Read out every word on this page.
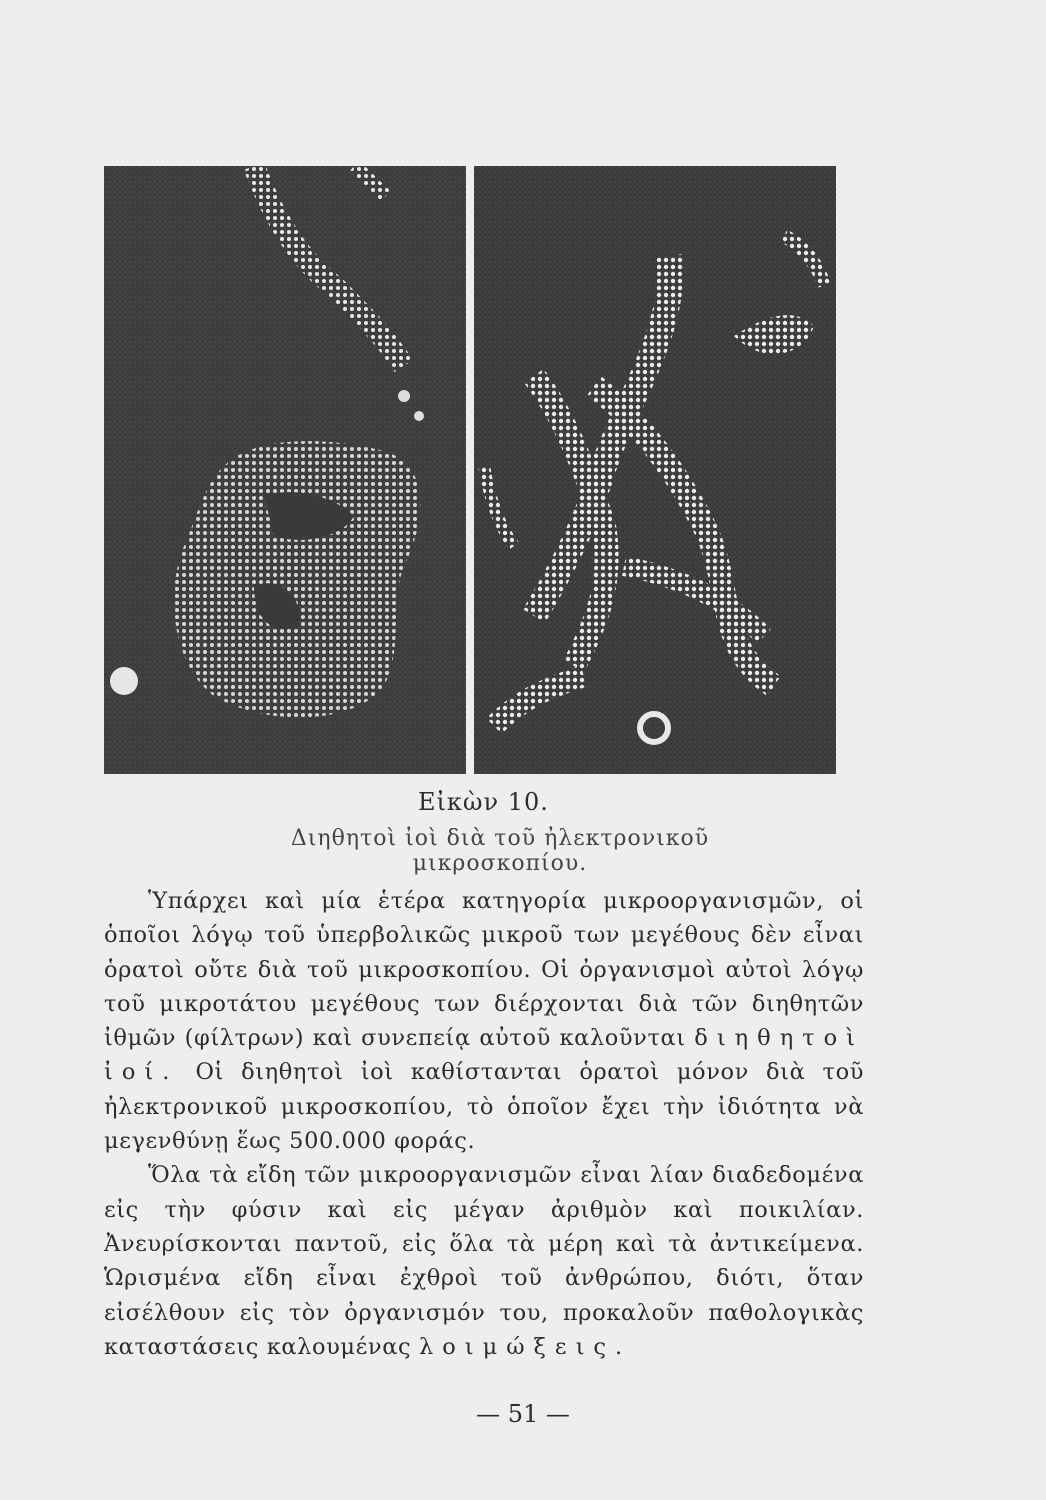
Εἰκὼν 10.
Διηθητοὶ ἰοὶ διὰ τοῦ ἠλεκτρονικοῦ μικροσκοπίου.

Ὑπάρχει καὶ μία ἑτέρα κατηγορία μικροοργανισμῶν, οἱ ὁποῖοι λόγῳ τοῦ ὑπερβολικῶς μικροῦ των μεγέθους δὲν εἶναι ὁρατοὶ οὔτε διὰ τοῦ μικροσκοπίου. Οἱ ὀργανισμοὶ αὐτοὶ λόγῳ τοῦ μικροτάτου μεγέθους των διέρχονται διὰ τῶν διηθητῶν ἰθμῶν (φίλτρων) καὶ συνεπείᾳ αὐτοῦ καλοῦνται διηθητοὶ ἰοί. Οἱ διηθητοὶ ἰοὶ καθίστανται ὁρατοὶ μόνον διὰ τοῦ ἠλεκτρονικοῦ μικροσκοπίου, τὸ ὁποῖον ἔχει τὴν ἰδιότητα νὰ μεγενθύνῃ ἕως 500.000 φοράς.

Ὅλα τὰ εἴδη τῶν μικροοργανισμῶν εἶναι λίαν διαδεδομένα εἰς τὴν φύσιν καὶ εἰς μέγαν ἀριθμὸν καὶ ποικιλίαν. Ἀνευρίσκονται παντοῦ, εἰς ὅλα τὰ μέρη καὶ τὰ ἀντικείμενα. Ὡρισμένα εἴδη εἶναι ἐχθροὶ τοῦ ἀνθρώπου, διότι, ὅταν εἰσέλθουν εἰς τὸν ὀργανισμόν του, προκαλοῦν παθολογικὰς καταστάσεις καλουμένας λοιμώξεις.

— 51 —
